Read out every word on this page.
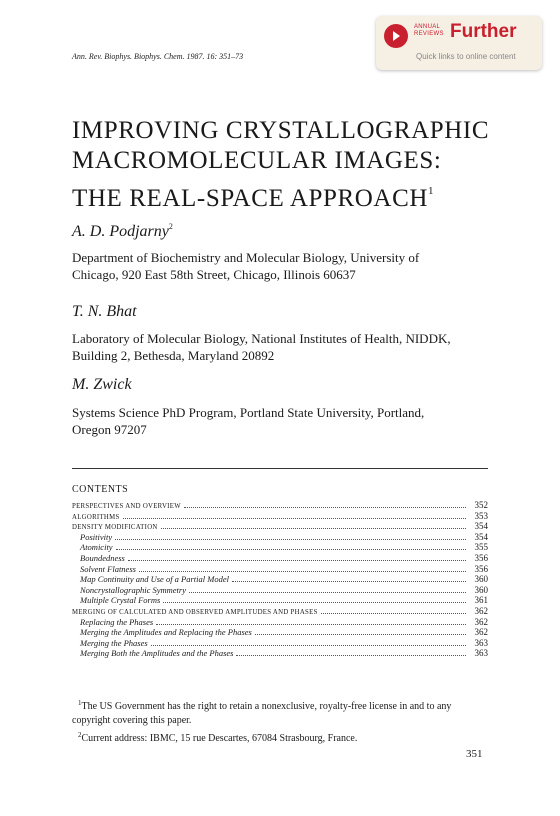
Ann. Rev. Biophys. Biophys. Chem. 1987. 16: 351–73
ANNUAL
REVIEWS Further
Quick links to online content
IMPROVING CRYSTALLOGRAPHIC
MACROMOLECULAR IMAGES:
THE REAL-SPACE APPROACH$^1$
A. D. Podjarny$^2$
Department of Biochemistry and Molecular Biology, University of
Chicago, 920 East 58th Street, Chicago, Illinois 60637
T. N. Bhat
Laboratory of Molecular Biology, National Institutes of Health, NIDDK,
Building 2, Bethesda, Maryland 20892
M. Zwick
Systems Science PhD Program, Portland State University, Portland,
Oregon 97207
CONTENTS
PERSPECTIVES AND OVERVIEW	352
ALGORITHMS	353
DENSITY MODIFICATION	354
Positivity	354
Atomicity	355
Boundedness	356
Solvent Flatness	356
Map Continuity and Use of a Partial Model	360
Noncrystallographic Symmetry	360
Multiple Crystal Forms	361
MERGING OF CALCULATED AND OBSERVED AMPLITUDES AND PHASES	362
Replacing the Phases	362
Merging the Amplitudes and Replacing the Phases	362
Merging the Phases	363
Merging Both the Amplitudes and the Phases	363

$^1$The US Government has the right to retain a nonexclusive, royalty-free license in and to any copyright covering this paper.

$^2$Current address: IBMC, 15 rue Descartes, 67084 Strasbourg, France.

351
